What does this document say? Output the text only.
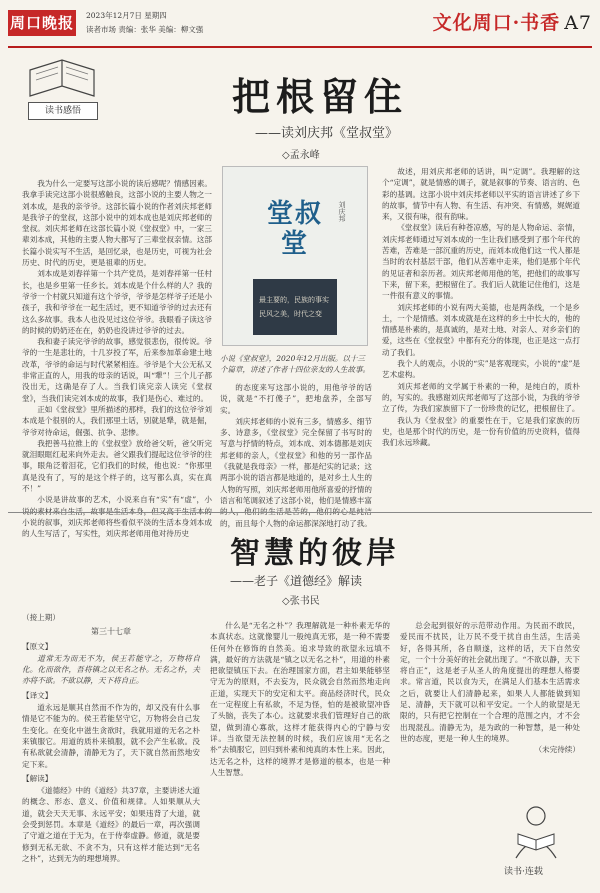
周口晚报 2023年12月7日 星期四
读者市场 责编：张华 美编：柳文强	文化周口·书香 A7
读书感悟	把根留住
——读刘庆邦《堂叔堂》
◇孟永峰

我为什么一定要写这部小说的读后感呢？情感因素。我拿手读完这部小说很感触良，这部小说的主要人物之一刘本成，是我的亲爷爷。这部长篇小说的作者刘庆邦老师是我爷子的堂叔，这部小说中的刘本成也是刘庆邦老师的堂叔。刘庆邦老师在这部长篇小说《堂叔堂》中，一家三辈刘本成，其他的主要人物大都写了三辈堂叔亲情。这部长篇小说实写不生活，是回忆录，也是历史，可视为社会历史、时代的历史，更是祖辈的历史。

刘本成是刘春祥第一个共产党员，是刘春祥第一任村长，也是乡里第一任乡长。刘本成是个什么样的人？我的爷爷一个村就只知道有这个爷爷，爷爷是怎样爷子还是小孩子，我和爷爷在一起生活过，更不知道爷爷的过去还有这么多故事。我本人也没见过这位爷爷。我眼看子读这爷的时候的奶奶还在在，奶奶也没讲过爷爷的过去。

我和妻子读完爷爷的故事，感觉很悲伤，很传说。爷爷的一生是悲壮的，十几岁投了军，后来参加革命建土地改革，爷爷的命运与时代紧紧相连。爷爷是个大公无私又非常正直的人，用我的母亲的话说，叫“犟”！三个儿子都没出无，这确是存了人。当我们读完亲人读完《堂叔堂》，当我们读完刘本成的故事，我们是伤心、难过的。

正如《堂叔堂》里所描述的那样，我们的这位爷爷刘本成是个很别的人，我们那里土话，别就是犟，就是倔，爷爷对待命运，倔强、抗争、悲惨。

我把善马拉推上的《堂叔堂》放给爸父听，爸父听完就泪眼眶红起来向外走去。爸父跟我们提起这位爷爷的往事，眼角泛着泪花，它们我们的时候，他也说：“你那里真是没有了，写的是这个样子的，这写都么真，实在真不！”

小说是讲故事的艺术，小说来自有“实”有“虚”，小说的素材来自生活，故事是生活本身，但又高于生活本的小说的叙事，刘庆邦老师将些看似平淡的生活本身刘本成的人生写活了，写实性，刘庆邦老师用他对待历史

堂叔堂
刘庆邦
最主要的，民族的事实
民风之美，时代之变
小说《堂叔堂》，2020年12月出版。以十三个篇章，讲述了作者十四位亲友的人生故事。

的态度来写这部小说的，用他爷爷的话说，就是“不打傻子”，把地盘养，全部写实。

刘庆邦老师的小说有三多，情感多、细节多、诗意多，《堂叔堂》完全保留了书写时的写意与抒情的特点，刘本成、刘本德都是刘庆邦老师的亲人，《堂叔堂》和他的另一部作品《我就是我母亲》一样，都是纪实的记录；这两部小说的语言都是地道的，是对乡土人生的人物的写照，刘庆邦老师用他所喜爱的抒情的语言和笔调叙述了这部小说，他们是情感丰富的人，他们的生活是苦的，他们的心是纯洁的，而且每个人物的命运都深深地打动了我。

故述，用刘庆邦老师的话讲，叫“定调”。我理解的这个“定调”，就是情感的调子，就是叙事的节奏、语言的、色彩的基调。这部小说中刘庆邦老师以平实的语言讲述了乡下的故事，情节中有人物、有生活、有冲突、有情感，娓娓道来，又很有味，很有韵味。

《堂叔堂》读后有种苍凉感，写的是人物命运、亲情，刘庆邦老师通过写刘本成的一生让我们感受到了那个年代的苦难，苦难是一部沉重的历史，而刘本成他们这一代人都是当时的农村基层干部，他们从苦难中走来，他们是那个年代的见证者和亲历者。刘庆邦老师用他的笔，把他们的故事写下来，留下来，把根留住了。我们后人就能记住他们，这是一件很有意义的事情。

刘庆邦老师的小说有两大美德，也是两条线，一个是乡土，一个是情感。刘本成就是在这样的乡土中长大的，他的情感是朴素的，是真诚的，是对土地、对亲人、对乡亲们的爱，这些在《堂叔堂》中都有充分的体现，也正是这一点打动了我们。

我个人的观点，小说的“实”是客观现实，小说的“虚”是艺术虚构。

刘庆邦老师的文学属于朴素的一种，是纯白的，质朴的，写实的。我感谢刘庆邦老师写了这部小说，为我的爷爷立了传，为我们家族留下了一份珍贵的记忆，把根留住了。

我认为《堂叔堂》的重要性在于，它是我们家族的历史，也是那个时代的历史，是一份有价值的历史资料，值得我们永远珍藏。

智慧的彼岸
——老子《道德经》解读
◇张书民
（接上期）
第三十七章
【原文】

道常无为而无不为，侯王若能守之，万物将自化。化而欲作，吾将镇之以无名之朴。无名之朴，夫亦将不欲。不欲以静，天下将自正。

【译文】

道永远是顺其自然而不作为的，却又没有什么事情是它不能为的。侯王若能坚守它，万物将会自己发生变化。在变化中滋生贪欲时，我就用道的无名之朴来镇服它。用道的质朴来镇服，就不会产生私欲。没有私欲就会清静，清静无为了，天下就自然而然地安定下来。

【解读】

《道德经》中的《道经》共37章，主要讲述大道的概念、形态、意义、价值和规律。人如果顺从大道，就会天天无事、永远平安；如果违背了大道，就会受到惩罚。本章是《道经》的最后一章，再次强调了守道之道在于无为，在于侍奉虚静。修道，就是要修到无私无欲、不贪不为，只有这样才能达到“无名之朴”，达到无为的理想境界。

什么是“无名之朴”？我理解就是一种朴素无华的本真状态。这就像婴儿一般纯真无邪，是一种不需要任何外在修饰的自然美。追求导致的欲望永远填不满，最好的方法就是“镇之以无名之朴”，用道的朴素把欲望镇压下去。在治理国家方面，君主如果能够坚守无为的原则，不去妄为，民众就会自然而然地走向正道，实现天下的安定和太平。商品经济时代，民众在一定程度上有私欲，不足为怪，怕的是被欲望冲昏了头脑，丧失了本心。这就要求我们管理好自己的欲望，做到清心寡欲，这样才能获得内心的宁静与安详。当欲望无法控制的时候，我们应该用“无名之朴”去镇服它，回归到朴素和纯真的本性上来。因此，达无名之朴，这样的境界才是修道的根本，也是一种人生智慧。

总会起到很好的示范带动作用。为民而不敢民，爱民而不扰民，让万民不受干扰自由生活，生活美好，各得其所，各自顺遂，这样的话，天下自然安定，一个十分美好的社会就出现了。“不欲以静，天下将自正”，这是老子从圣人的角度提出的理想人格要求。常言道，民以食为天，在满足人们基本生活需求之后，就要让人们清静起来，如果人人都能做到知足、清静，天下就可以和平安定。一个人的欲望是无限的，只有把它控制在一个合理的范围之内，才不会出现混乱。清静无为，是为政的一种智慧，是一种处世的态度，更是一种人生的境界。

（未完待续）
读书·连载
